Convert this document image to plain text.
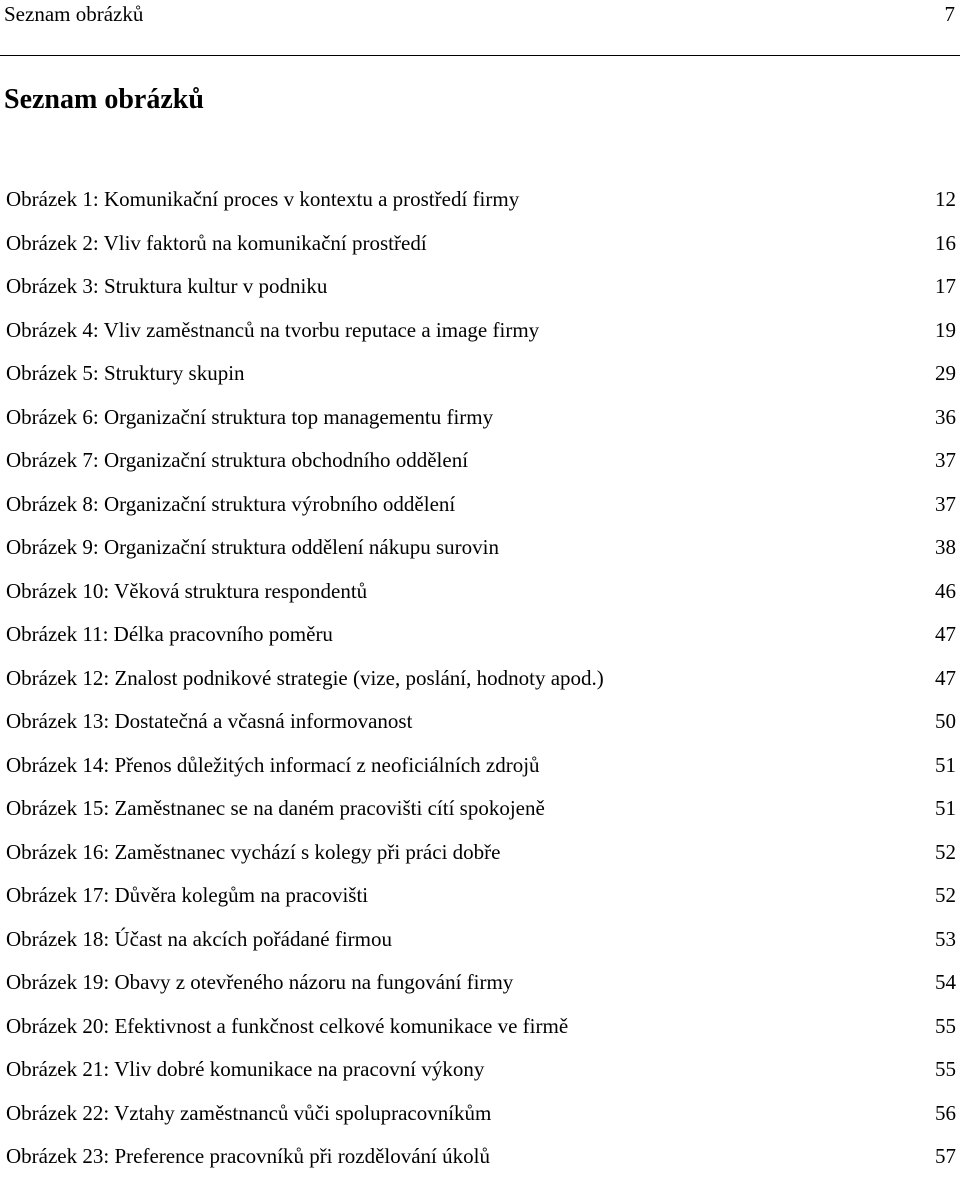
Seznam obrázků	7
Seznam obrázků
Obrázek 1: Komunikační proces v kontextu a prostředí firmy	12
Obrázek 2: Vliv faktorů na komunikační prostředí	16
Obrázek 3: Struktura kultur v podniku	17
Obrázek 4: Vliv zaměstnanců na tvorbu reputace a image firmy	19
Obrázek 5: Struktury skupin	29
Obrázek 6: Organizační struktura top managementu firmy	36
Obrázek 7: Organizační struktura obchodního oddělení	37
Obrázek 8: Organizační struktura výrobního oddělení	37
Obrázek 9: Organizační struktura oddělení nákupu surovin	38
Obrázek 10: Věková struktura respondentů	46
Obrázek 11: Délka pracovního poměru	47
Obrázek 12: Znalost podnikové strategie (vize, poslání, hodnoty apod.)	47
Obrázek 13: Dostatečná a včasná informovanost	50
Obrázek 14: Přenos důležitých informací z neoficiálních zdrojů	51
Obrázek 15: Zaměstnanec se na daném pracovišti cítí spokojeně	51
Obrázek 16: Zaměstnanec vychází s kolegy při práci dobře	52
Obrázek 17: Důvěra kolegům na pracovišti	52
Obrázek 18: Účast na akcích pořádané firmou	53
Obrázek 19: Obavy z otevřeného názoru na fungování firmy	54
Obrázek 20: Efektivnost a funkčnost celkové komunikace ve firmě	55
Obrázek 21: Vliv dobré komunikace na pracovní výkony	55
Obrázek 22: Vztahy zaměstnanců vůči spolupracovníkům	56
Obrázek 23: Preference pracovníků při rozdělování úkolů	57
